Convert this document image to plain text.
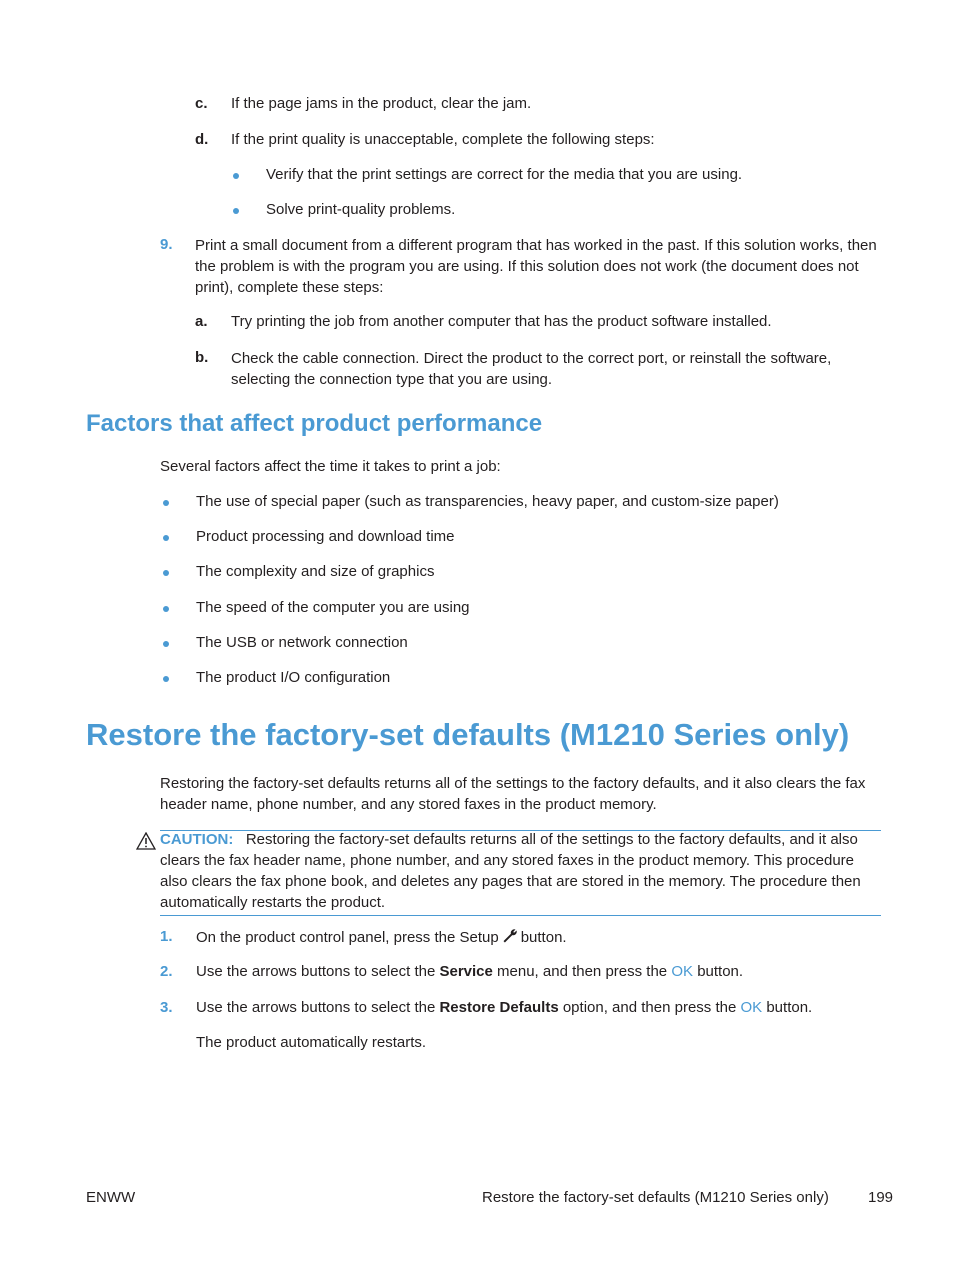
c. If the page jams in the product, clear the jam.
d. If the print quality is unacceptable, complete the following steps:
Verify that the print settings are correct for the media that you are using.
Solve print-quality problems.
9. Print a small document from a different program that has worked in the past. If this solution works, then the problem is with the program you are using. If this solution does not work (the document does not print), complete these steps:
a. Try printing the job from another computer that has the product software installed.
b. Check the cable connection. Direct the product to the correct port, or reinstall the software, selecting the connection type that you are using.
Factors that affect product performance
Several factors affect the time it takes to print a job:
The use of special paper (such as transparencies, heavy paper, and custom-size paper)
Product processing and download time
The complexity and size of graphics
The speed of the computer you are using
The USB or network connection
The product I/O configuration
Restore the factory-set defaults (M1210 Series only)
Restoring the factory-set defaults returns all of the settings to the factory defaults, and it also clears the fax header name, phone number, and any stored faxes in the product memory.
CAUTION: Restoring the factory-set defaults returns all of the settings to the factory defaults, and it also clears the fax header name, phone number, and any stored faxes in the product memory. This procedure also clears the fax phone book, and deletes any pages that are stored in the memory. The procedure then automatically restarts the product.
1. On the product control panel, press the Setup button.
2. Use the arrows buttons to select the Service menu, and then press the OK button.
3. Use the arrows buttons to select the Restore Defaults option, and then press the OK button.
The product automatically restarts.
ENWW	Restore the factory-set defaults (M1210 Series only)	199
